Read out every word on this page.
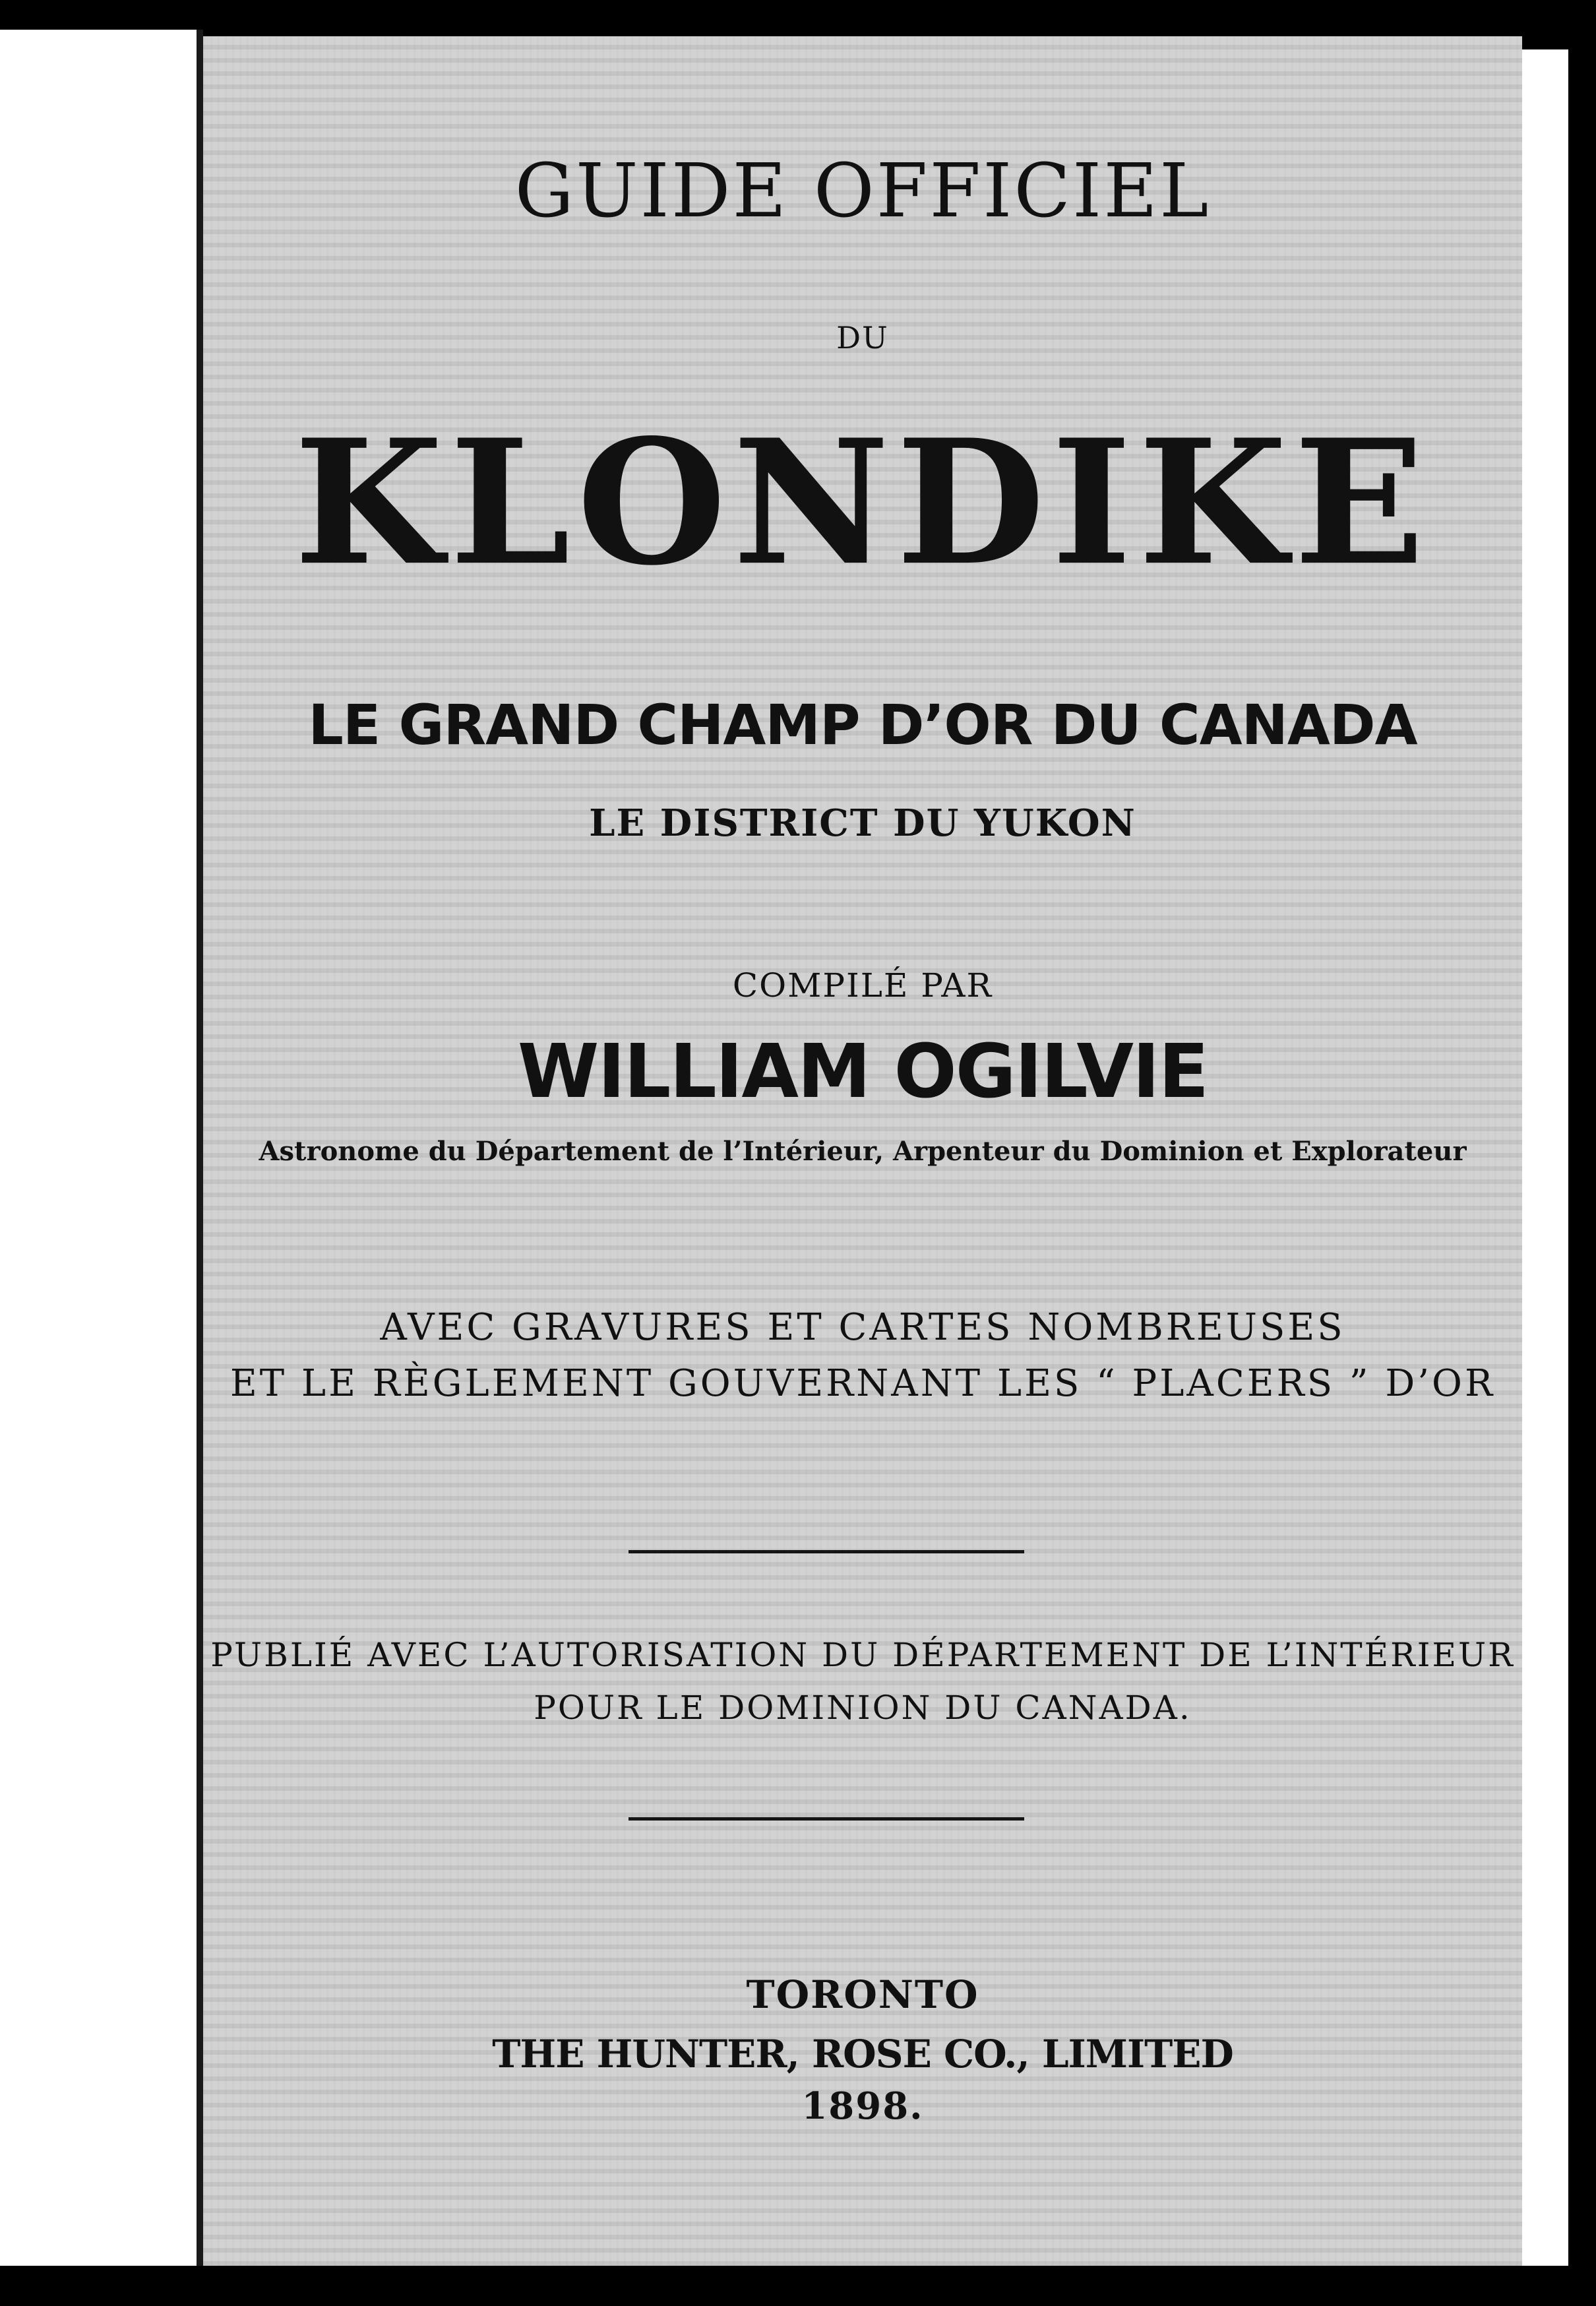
GUIDE OFFICIEL

DU

KLONDIKE

LE GRAND CHAMP D’OR DU CANADA

LE DISTRICT DU YUKON

COMPILÉ PAR

WILLIAM OGILVIE

Astronome du Département de l’Intérieur, Arpenteur du Dominion et Explorateur

AVEC GRAVURES ET CARTES NOMBREUSES

ET LE RÈGLEMENT GOUVERNANT LES “ PLACERS ” D’OR

PUBLIÉ AVEC L’AUTORISATION DU DÉPARTEMENT DE L’INTÉRIEUR

POUR LE DOMINION DU CANADA.

TORONTO

THE HUNTER, ROSE CO., LIMITED

1898.
